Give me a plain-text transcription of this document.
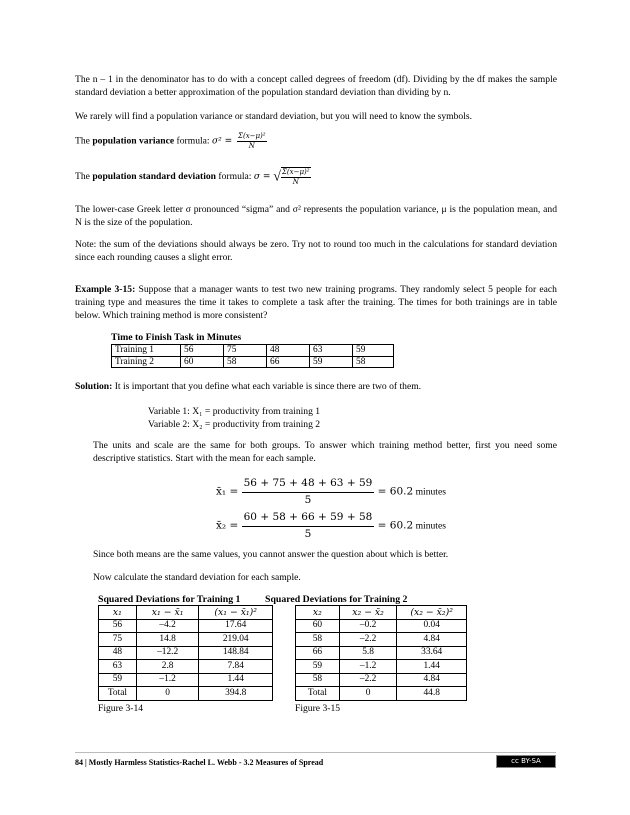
The n – 1 in the denominator has to do with a concept called degrees of freedom (df). Dividing by the df makes the sample standard deviation a better approximation of the population standard deviation than dividing by n.
We rarely will find a population variance or standard deviation, but you will need to know the symbols.
The population variance formula: $\sigma^2 = \frac{\text{Σ(x−μ)²}}{N}$
The population standard deviation formula: σ = √ $\frac{\text{Σ(x−μ)²}}{N}$
The lower-case Greek letter σ pronounced “sigma” and σ² represents the population variance, μ is the population mean, and N is the size of the population.
Note: the sum of the deviations should always be zero. Try not to round too much in the calculations for standard deviation since each rounding causes a slight error.
Example 3-15: Suppose that a manager wants to test two new training programs. They randomly select 5 people for each training type and measures the time it takes to complete a task after the training. The times for both trainings are in table below. Which training method is more consistent?
Time to Finish Task in Minutes
Training 1	56	75	48	63	59
Training 2	60	58	66	59	58
Solution: It is important that you define what each variable is since there are two of them.
Variable 1: X₁ = productivity from training 1
Variable 2: X₂ = productivity from training 2
The units and scale are the same for both groups. To answer which training method better, first you need some descriptive statistics. Start with the mean for each sample.
x̄₁ = $\frac{56 + 75 + 48 + 63 + 59}{5} = 60.2$ minutes
x̄₂ = $\frac{60 + 58 + 66 + 59 + 58}{5} = 60.2$ minutes
Since both means are the same values, you cannot answer the question about which is better.
Now calculate the standard deviation for each sample.
Squared Deviations for Training 1	Squared Deviations for Training 2
x₁	x₁ − x̄₁	(x₁ − x̄₁)²
56	–4.2	17.64
75	14.8	219.04
48	–12.2	148.84
63	2.8	7.84
59	–1.2	1.44
Total	0	394.8
Figure 3-14
x₂	x₂ − x̄₂	(x₂ − x̄₂)²
60	–0.2	0.04
58	–2.2	4.84
66	5.8	33.64
59	–1.2	1.44
58	–2.2	4.84
Total	0	44.8
Figure 3-15
84 | Mostly Harmless Statistics-Rachel L. Webb - 3.2 Measures of Spread	cc BY-SA
